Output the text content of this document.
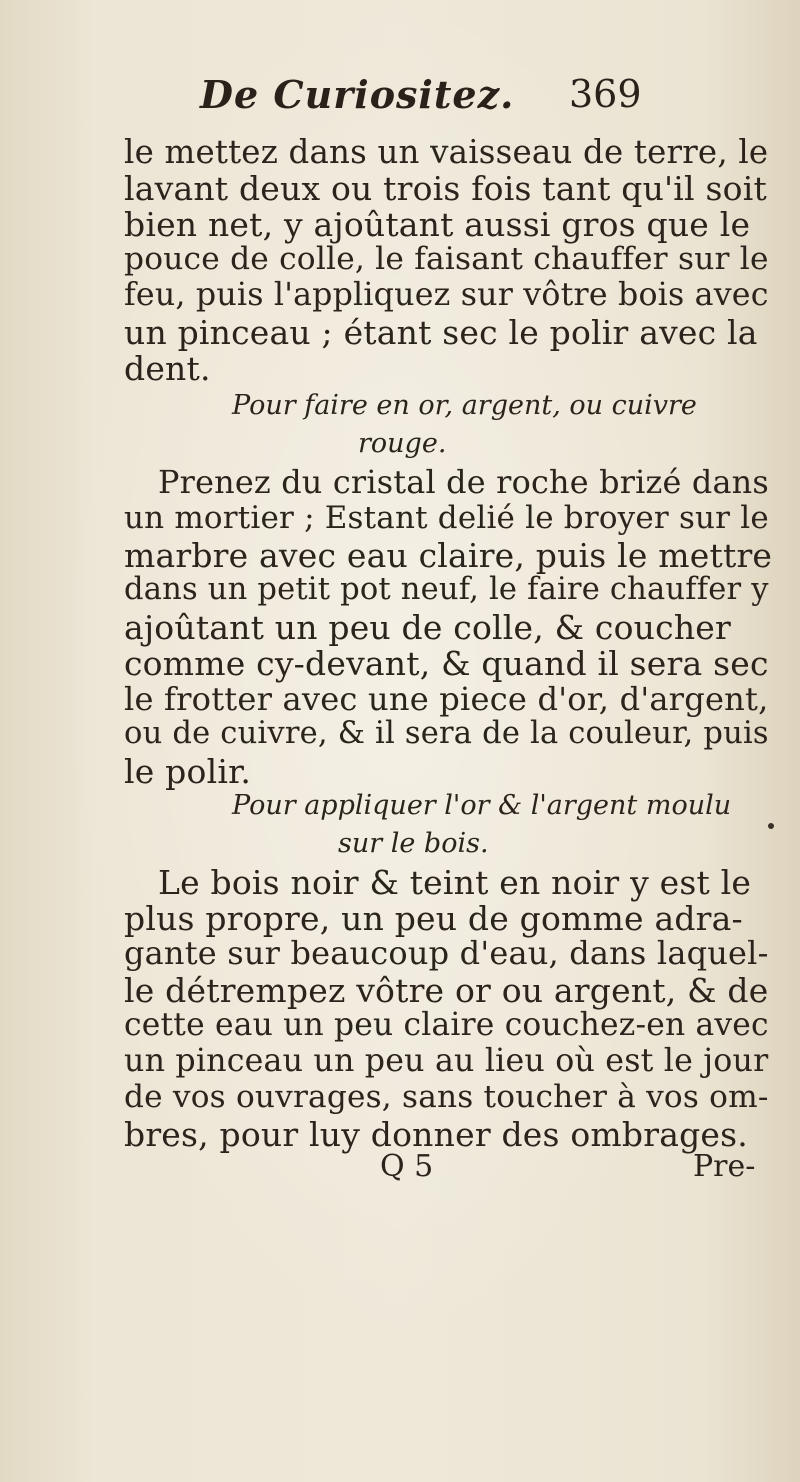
De Curiositez. 369
le mettez dans un vaisseau de terre, le
lavant deux ou trois fois tant qu'il soit
bien net, y ajoûtant aussi gros que le
pouce de colle, le faisant chauffer sur le
feu, puis l'appliquez sur vôtre bois avec
un pinceau ; étant sec le polir avec la
dent.
Pour faire en or, argent, ou cuivre
rouge.
Prenez du cristal de roche brizé dans
un mortier ; Estant delié le broyer sur le
marbre avec eau claire, puis le mettre
dans un petit pot neuf, le faire chauffer y
ajoûtant un peu de colle, & coucher
comme cy-devant, & quand il sera sec
le frotter avec une piece d'or, d'argent,
ou de cuivre, & il sera de la couleur, puis
le polir.
Pour appliquer l'or & l'argent moulu
sur le bois.
Le bois noir & teint en noir y est le
plus propre, un peu de gomme adra-
gante sur beaucoup d'eau, dans laquel-
le détrempez vôtre or ou argent, & de
cette eau un peu claire couchez-en avec
un pinceau un peu au lieu où est le jour
de vos ouvrages, sans toucher à vos om-
bres, pour luy donner des ombrages.
Q 5	Pre-
